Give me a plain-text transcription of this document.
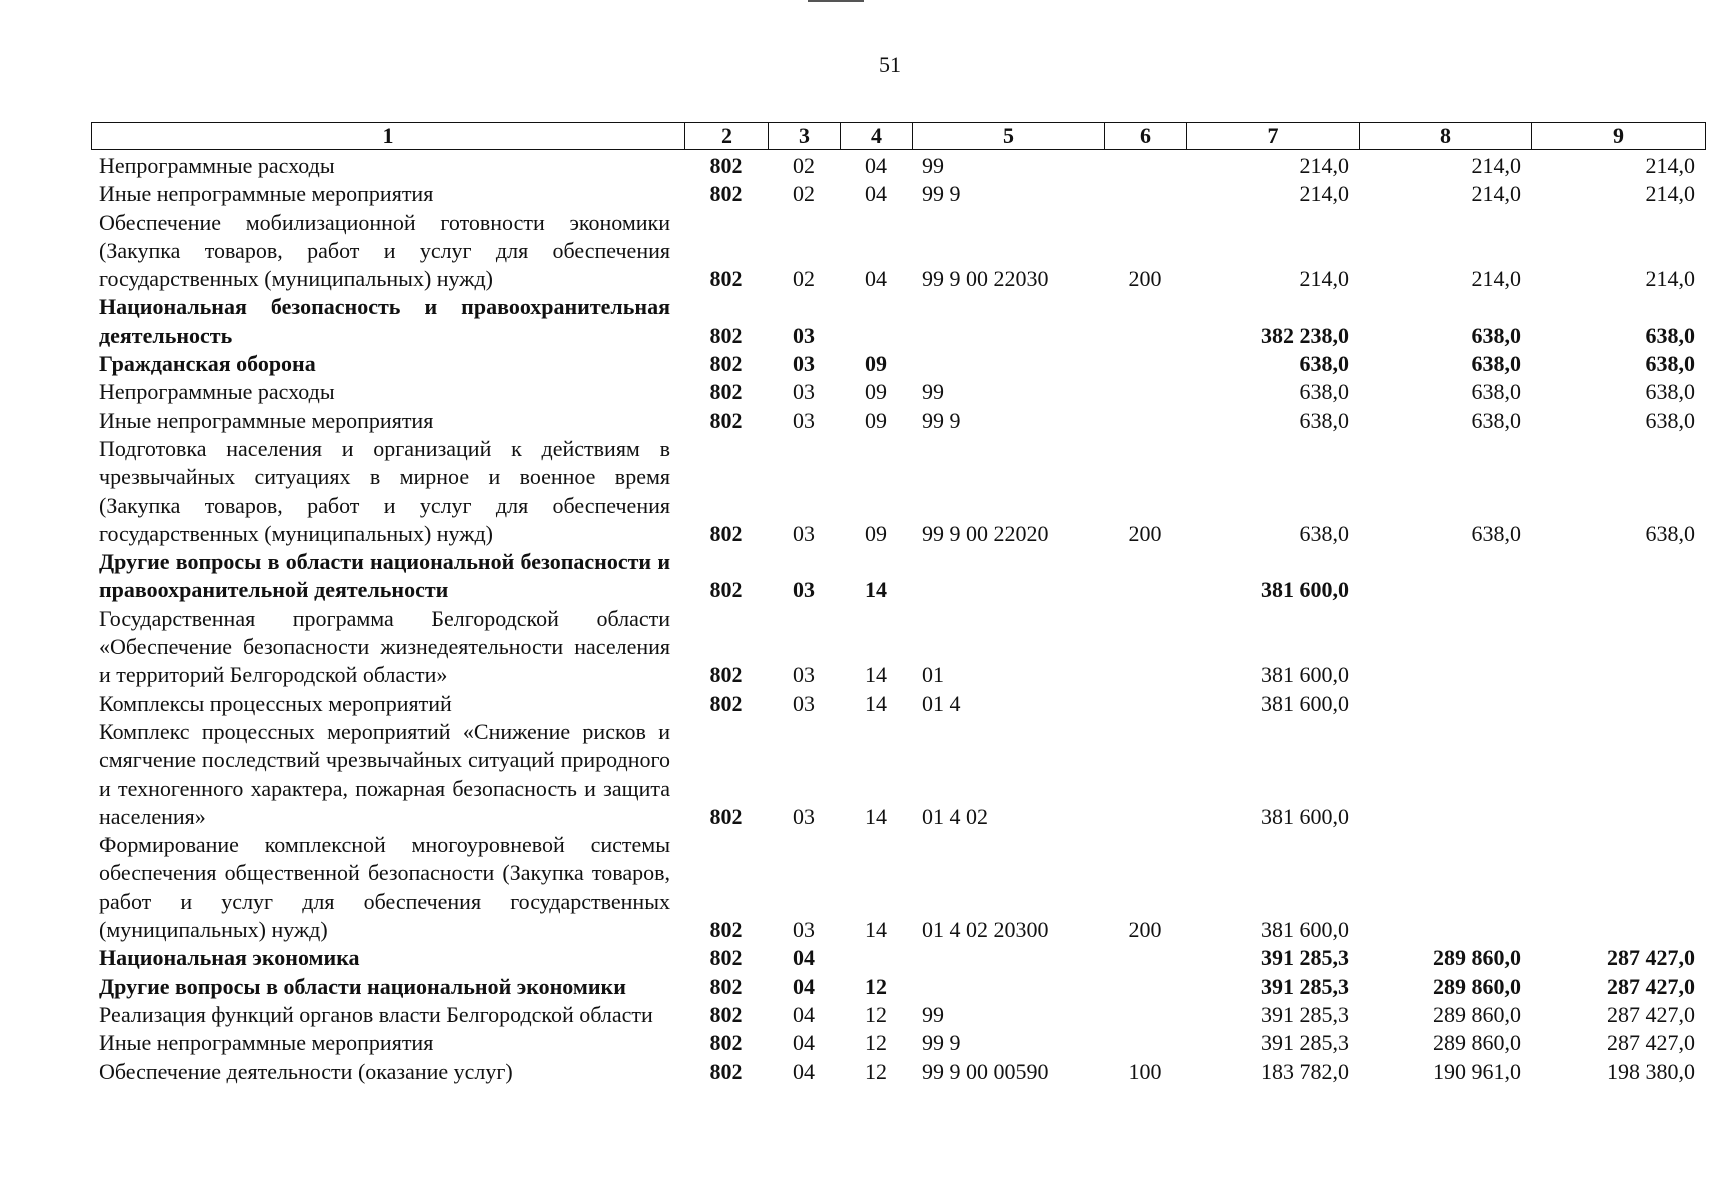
51
1	2	3	4	5	6	7	8	9
Непрограммные расходы	802	02	04	99		214,0	214,0	214,0
Иные непрограммные мероприятия	802	02	04	99 9		214,0	214,0	214,0
Обеспечение мобилизационной готовности экономики (Закупка товаров, работ и услуг для обеспечения государственных (муниципальных) нужд)	802	02	04	99 9 00 22030	200	214,0	214,0	214,0
Национальная безопасность и правоохранительная деятельность	802	03				382 238,0	638,0	638,0
Гражданская оборона	802	03	09			638,0	638,0	638,0
Непрограммные расходы	802	03	09	99		638,0	638,0	638,0
Иные непрограммные мероприятия	802	03	09	99 9		638,0	638,0	638,0
Подготовка населения и организаций к действиям в чрезвычайных ситуациях в мирное и военное время (Закупка товаров, работ и услуг для обеспечения государственных (муниципальных) нужд)	802	03	09	99 9 00 22020	200	638,0	638,0	638,0
Другие вопросы в области национальной безопасности и правоохранительной деятельности	802	03	14			381 600,0		
Государственная программа Белгородской области «Обеспечение безопасности жизнедеятельности населения и территорий Белгородской области»	802	03	14	01		381 600,0		
Комплексы процессных мероприятий	802	03	14	01 4		381 600,0		
Комплекс процессных мероприятий «Снижение рисков и смягчение последствий чрезвычайных ситуаций природного и техногенного характера, пожарная безопасность и защита населения»	802	03	14	01 4 02		381 600,0		
Формирование комплексной многоуровневой системы обеспечения общественной безопасности (Закупка товаров, работ и услуг для обеспечения государственных (муниципальных) нужд)	802	03	14	01 4 02 20300	200	381 600,0		
Национальная экономика	802	04				391 285,3	289 860,0	287 427,0
Другие вопросы в области национальной экономики	802	04	12			391 285,3	289 860,0	287 427,0
Реализация функций органов власти Белгородской области	802	04	12	99		391 285,3	289 860,0	287 427,0
Иные непрограммные мероприятия	802	04	12	99 9		391 285,3	289 860,0	287 427,0
Обеспечение деятельности (оказание услуг)	802	04	12	99 9 00 00590	100	183 782,0	190 961,0	198 380,0
